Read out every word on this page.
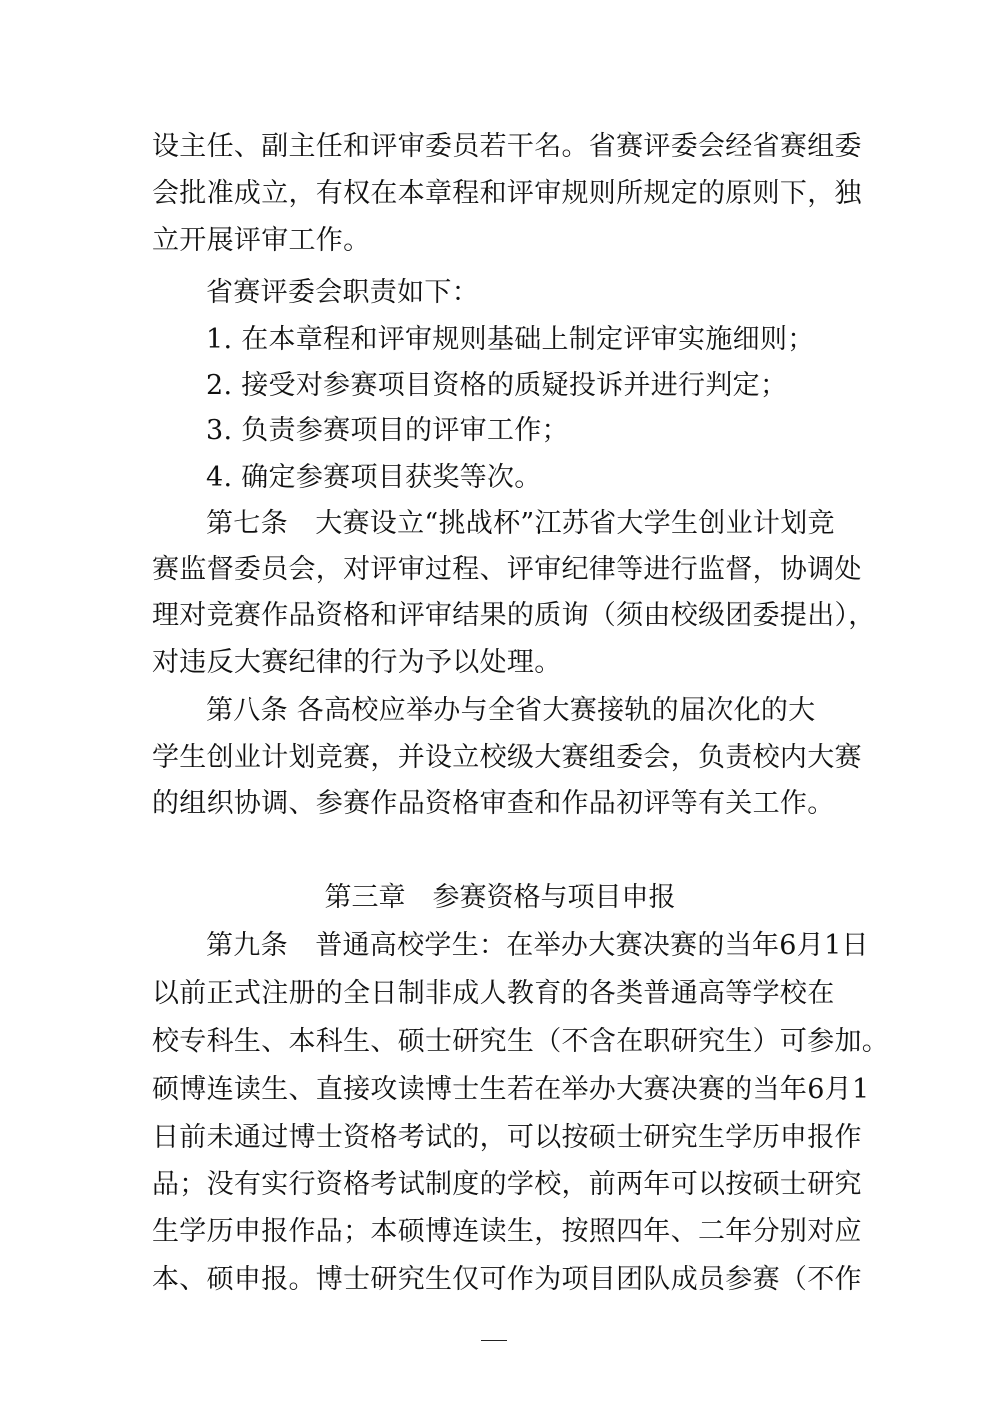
设主任、副主任和评审委员若干名。省赛评委会经省赛组委
会批准成立，有权在本章程和评审规则所规定的原则下，独
立开展评审工作。
省赛评委会职责如下：
1. 在本章程和评审规则基础上制定评审实施细则；
2. 接受对参赛项目资格的质疑投诉并进行判定；
3. 负责参赛项目的评审工作；
4. 确定参赛项目获奖等次。
第七条　大赛设立“挑战杯”江苏省大学生创业计划竞
赛监督委员会，对评审过程、评审纪律等进行监督，协调处
理对竞赛作品资格和评审结果的质询（须由校级团委提出），
对违反大赛纪律的行为予以处理。
第八条 各高校应举办与全省大赛接轨的届次化的大
学生创业计划竞赛，并设立校级大赛组委会，负责校内大赛
的组织协调、参赛作品资格审查和作品初评等有关工作。
第三章　参赛资格与项目申报
第九条　普通高校学生：在举办大赛决赛的当年6月1日
以前正式注册的全日制非成人教育的各类普通高等学校在
校专科生、本科生、硕士研究生（不含在职研究生）可参加。
硕博连读生、直接攻读博士生若在举办大赛决赛的当年6月1
日前未通过博士资格考试的，可以按硕士研究生学历申报作
品；没有实行资格考试制度的学校，前两年可以按硕士研究
生学历申报作品；本硕博连读生，按照四年、二年分别对应
本、硕申报。博士研究生仅可作为项目团队成员参赛（不作
